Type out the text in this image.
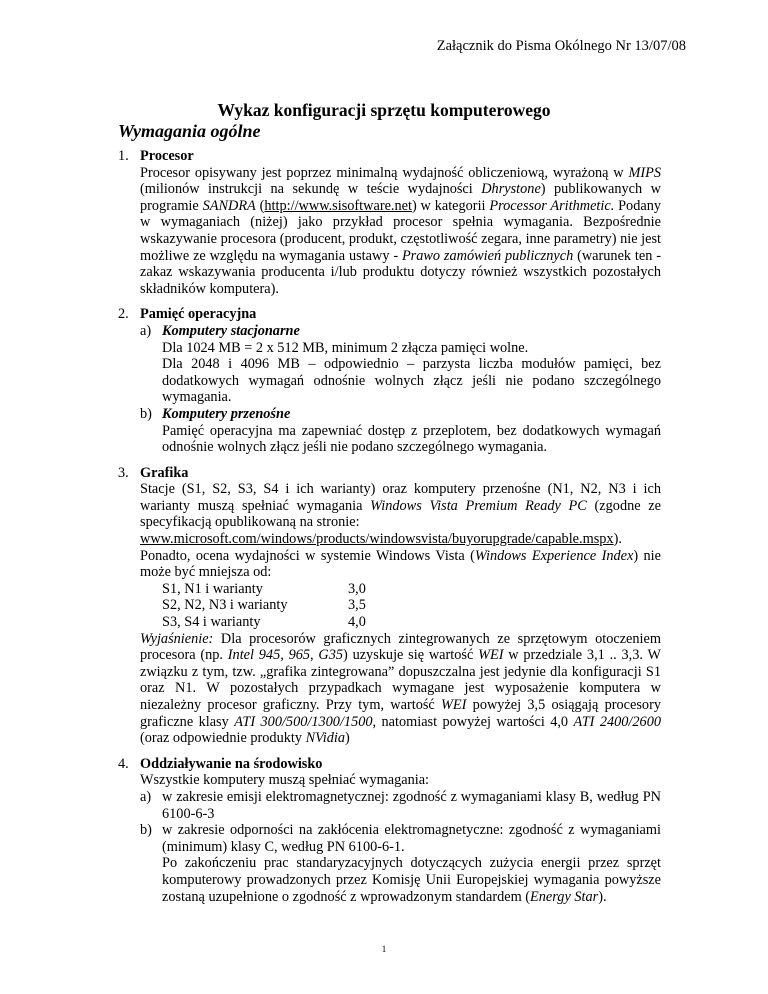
Załącznik do Pisma Okólnego Nr 13/07/08
Wykaz konfiguracji sprzętu komputerowego
Wymagania ogólne
1. Procesor
Procesor opisywany jest poprzez minimalną wydajność obliczeniową, wyrażoną w MIPS (milionów instrukcji na sekundę w teście wydajności Dhrystone) publikowanych w programie SANDRA (http://www.sisoftware.net) w kategorii Processor Arithmetic. Podany w wymaganiach (niżej) jako przykład procesor spełnia wymagania. Bezpośrednie wskazywanie procesora (producent, produkt, częstotliwość zegara, inne parametry) nie jest możliwe ze względu na wymagania ustawy - Prawo zamówień publicznych (warunek ten - zakaz wskazywania producenta i/lub produktu dotyczy również wszystkich pozostałych składników komputera).
2. Pamięć operacyjna
a) Komputery stacjonarne
Dla 1024 MB = 2 x 512 MB, minimum 2 złącza pamięci wolne.
Dla 2048 i 4096 MB – odpowiednio – parzysta liczba modułów pamięci, bez dodatkowych wymagań odnośnie wolnych złącz jeśli nie podano szczególnego wymagania.
b) Komputery przenośne
Pamięć operacyjna ma zapewniać dostęp z przeplotem, bez dodatkowych wymagań odnośnie wolnych złącz jeśli nie podano szczególnego wymagania.
3. Grafika
Stacje (S1, S2, S3, S4 i ich warianty) oraz komputery przenośne (N1, N2, N3 i ich warianty muszą spełniać wymagania Windows Vista Premium Ready PC (zgodne ze specyfikacją opublikowaną na stronie:
www.microsoft.com/windows/products/windowsvista/buyorupgrade/capable.mspx).
Ponadto, ocena wydajności w systemie Windows Vista (Windows Experience Index) nie może być mniejsza od:
S1, N1 i warianty	3,0
S2, N2, N3 i warianty	3,5
S3, S4 i warianty	4,0
Wyjaśnienie: Dla procesorów graficznych zintegrowanych ze sprzętowym otoczeniem procesora (np. Intel 945, 965, G35) uzyskuje się wartość WEI w przedziale 3,1 .. 3,3. W związku z tym, tzw. „grafika zintegrowana” dopuszczalna jest jedynie dla konfiguracji S1 oraz N1. W pozostałych przypadkach wymagane jest wyposażenie komputera w niezależny procesor graficzny. Przy tym, wartość WEI powyżej 3,5 osiągają procesory graficzne klasy ATI 300/500/1300/1500, natomiast powyżej wartości 4,0 ATI 2400/2600 (oraz odpowiednie produkty NVidia)
4. Oddziaływanie na środowisko
Wszystkie komputery muszą spełniać wymagania:
a) w zakresie emisji elektromagnetycznej: zgodność z wymaganiami klasy B, według PN 6100-6-3
b) w zakresie odporności na zakłócenia elektromagnetyczne: zgodność z wymaganiami (minimum) klasy C, według PN 6100-6-1.
Po zakończeniu prac standaryzacyjnych dotyczących zużycia energii przez sprzęt komputerowy prowadzonych przez Komisję Unii Europejskiej wymagania powyższe zostaną uzupełnione o zgodność z wprowadzonym standardem (Energy Star).
1
